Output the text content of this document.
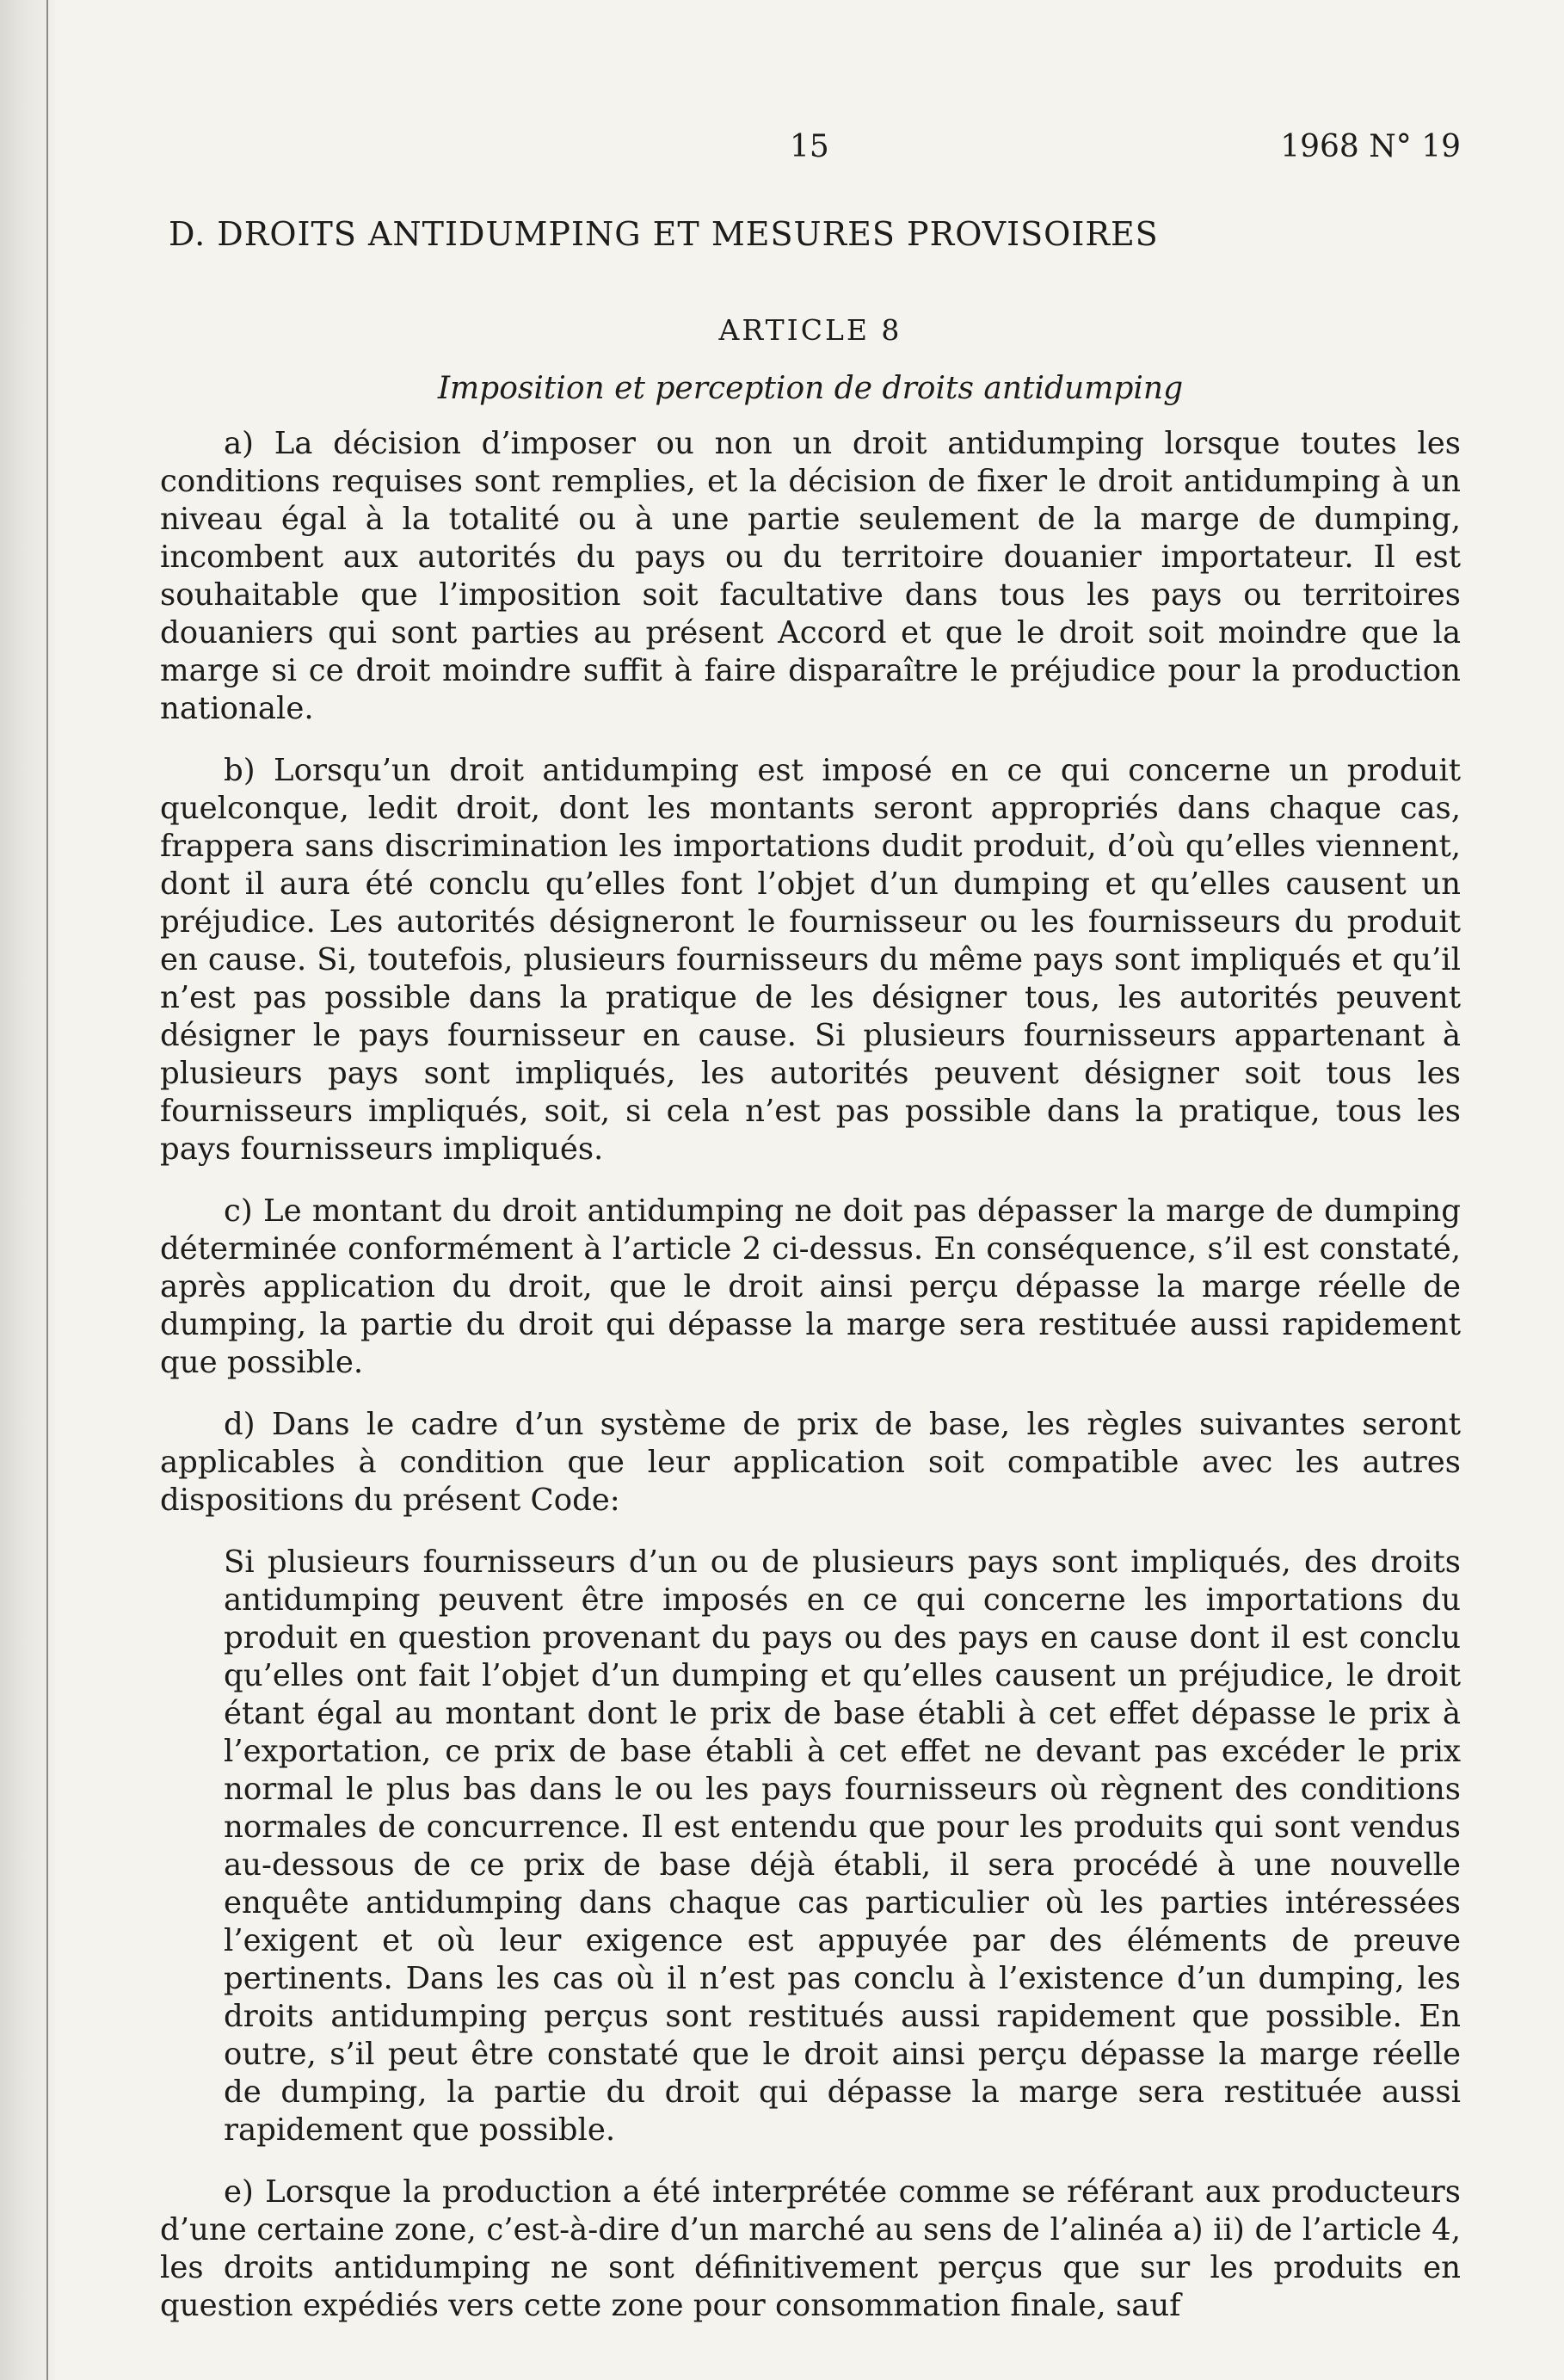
15	1968 N° 19
D. DROITS ANTIDUMPING ET MESURES PROVISOIRES
ARTICLE 8
Imposition et perception de droits antidumping

a) La décision d’imposer ou non un droit antidumping lorsque toutes les conditions requises sont remplies, et la décision de fixer le droit antidumping à un niveau égal à la totalité ou à une partie seulement de la marge de dumping, incombent aux autorités du pays ou du territoire douanier importateur. Il est souhaitable que l’imposition soit facultative dans tous les pays ou territoires douaniers qui sont parties au présent Accord et que le droit soit moindre que la marge si ce droit moindre suffit à faire disparaître le préjudice pour la production nationale.

b) Lorsqu’un droit antidumping est imposé en ce qui concerne un produit quelconque, ledit droit, dont les montants seront appropriés dans chaque cas, frappera sans discrimination les importations dudit produit, d’où qu’elles viennent, dont il aura été conclu qu’elles font l’objet d’un dumping et qu’elles causent un préjudice. Les autorités désigneront le fournisseur ou les fournisseurs du produit en cause. Si, toutefois, plusieurs fournisseurs du même pays sont impliqués et qu’il n’est pas possible dans la pratique de les désigner tous, les autorités peuvent désigner le pays fournisseur en cause. Si plusieurs fournisseurs appartenant à plusieurs pays sont impliqués, les autorités peuvent désigner soit tous les fournisseurs impliqués, soit, si cela n’est pas possible dans la pratique, tous les pays fournisseurs impliqués.

c) Le montant du droit antidumping ne doit pas dépasser la marge de dumping déterminée conformément à l’article 2 ci-dessus. En conséquence, s’il est constaté, après application du droit, que le droit ainsi perçu dépasse la marge réelle de dumping, la partie du droit qui dépasse la marge sera restituée aussi rapidement que possible.

d) Dans le cadre d’un système de prix de base, les règles suivantes seront applicables à condition que leur application soit compatible avec les autres dispositions du présent Code:

Si plusieurs fournisseurs d’un ou de plusieurs pays sont impliqués, des droits antidumping peuvent être imposés en ce qui concerne les importations du produit en question provenant du pays ou des pays en cause dont il est conclu qu’elles ont fait l’objet d’un dumping et qu’elles causent un préjudice, le droit étant égal au montant dont le prix de base établi à cet effet dépasse le prix à l’exportation, ce prix de base établi à cet effet ne devant pas excéder le prix normal le plus bas dans le ou les pays fournisseurs où règnent des conditions normales de concurrence. Il est entendu que pour les produits qui sont vendus au-dessous de ce prix de base déjà établi, il sera procédé à une nouvelle enquête antidumping dans chaque cas particulier où les parties intéressées l’exigent et où leur exigence est appuyée par des éléments de preuve pertinents. Dans les cas où il n’est pas conclu à l’existence d’un dumping, les droits antidumping perçus sont restitués aussi rapidement que possible. En outre, s’il peut être constaté que le droit ainsi perçu dépasse la marge réelle de dumping, la partie du droit qui dépasse la marge sera restituée aussi rapidement que possible.

e) Lorsque la production a été interprétée comme se référant aux producteurs d’une certaine zone, c’est-à-dire d’un marché au sens de l’alinéa a) ii) de l’article 4, les droits antidumping ne sont définitivement perçus que sur les produits en question expédiés vers cette zone pour consommation finale, sauf
